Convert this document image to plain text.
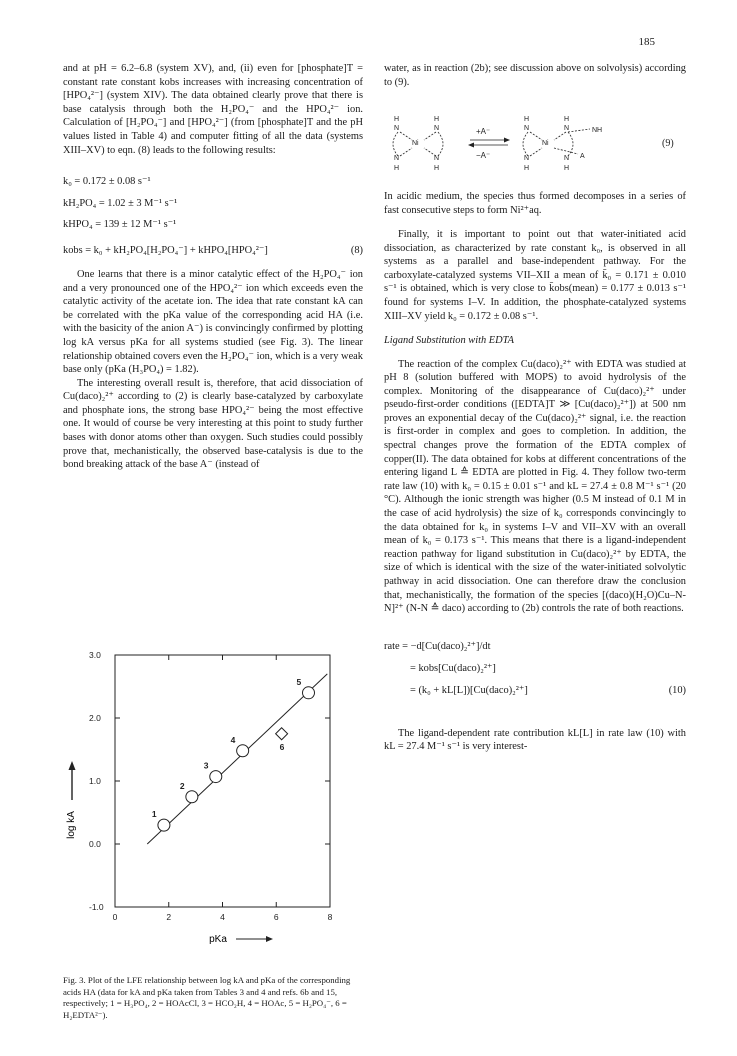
185

and at pH = 6.2–6.8 (system XV), and, (ii) even for [phosphate]T = constant rate constant kobs increases with increasing concentration of [HPO₄²⁻] (system XIV). The data obtained clearly prove that there is base catalysis through both the H₂PO₄⁻ and the HPO₄²⁻ ion. Calculation of [H₂PO₄⁻] and [HPO₄²⁻] (from [phosphate]T and the pH values listed in Table 4) and computer fitting of all the data (systems XIII–XV) to eqn. (8) leads to the following results:

k₀ = 0.172 ± 0.08 s⁻¹

kH₂PO₄ = 1.02 ± 3 M⁻¹ s⁻¹

kHPO₄ = 139 ± 12 M⁻¹ s⁻¹

kobs = k₀ + kH₂PO₄[H₂PO₄⁻] + kHPO₄[HPO₄²⁻]	(8)

One learns that there is a minor catalytic effect of the H₂PO₄⁻ ion and a very pronounced one of the HPO₄²⁻ ion which exceeds even the catalytic activity of the acetate ion. The idea that rate constant kA can be correlated with the pKa value of the corresponding acid HA (i.e. with the basicity of the anion A⁻) is convincingly confirmed by plotting log kA versus pKa for all systems studied (see Fig. 3). The linear relationship obtained covers even the H₂PO₄⁻ ion, which is a very weak base only (pKa (H₃PO₄) = 1.82).

The interesting overall result is, therefore, that acid dissociation of Cu(daco)₂²⁺ according to (2) is clearly base-catalyzed by carboxylate and phosphate ions, the strong base HPO₄²⁻ being the most effective one. It would of course be very interesting at this point to study further bases with donor atoms other than oxygen. Such studies could possibly prove that, mechanistically, the observed base-catalysis is due to the bond breaking attack of the base A⁻ (instead of

-1.0
0.0
1.0
2.0
3.0
0	2	4	6	8
1
2
3
4
5
6
log kA
pKa
Fig. 3. Plot of the LFE relationship between log kA and pKa of the corresponding acids HA (data for kA and pKa taken from Tables 3 and 4 and refs. 6b and 15, respectively; 1 = H₃PO₄, 2 = HOAcCl, 3 = HCO₂H, 4 = HOAc, 5 = H₂PO₄⁻, 6 = H₂EDTA²⁻).

water, as in reaction (2b); see discussion above on solvolysis) according to (9).

H	H
N	N
Ni
N	N
H	H
+A⁻
−A⁻
H	H
N	N
Ni
N	N
H	H
NH
A
(9)

In acidic medium, the species thus formed decomposes in a series of fast consecutive steps to form Ni²⁺aq.

Finally, it is important to point out that water-initiated acid dissociation, as characterized by rate constant k₀, is observed in all systems as a parallel and base-independent pathway. For the carboxylate-catalyzed systems VII–XII a mean of k̄₀ = 0.171 ± 0.010 s⁻¹ is obtained, which is very close to k̄obs(mean) = 0.177 ± 0.013 s⁻¹ found for systems I–V. In addition, the phosphate-catalyzed systems XIII–XV yield k₀ = 0.172 ± 0.08 s⁻¹.

Ligand Substitution with EDTA

The reaction of the complex Cu(daco)₂²⁺ with EDTA was studied at pH 8 (solution buffered with MOPS) to avoid hydrolysis of the complex. Monitoring of the disappearance of Cu(daco)₂²⁺ under pseudo-first-order conditions ([EDTA]T ≫ [Cu(daco)₂²⁺]) at 500 nm proves an exponential decay of the Cu(daco)₂²⁺ signal, i.e. the reaction is first-order in complex and goes to completion. In addition, the spectral changes prove the formation of the EDTA complex of copper(II). The data obtained for kobs at different concentrations of the entering ligand L ≙ EDTA are plotted in Fig. 4. They follow two-term rate law (10) with k₀ = 0.15 ± 0.01 s⁻¹ and kL = 27.4 ± 0.8 M⁻¹ s⁻¹ (20 °C). Although the ionic strength was higher (0.5 M instead of 0.1 M in the case of acid hydrolysis) the size of k₀ corresponds convincingly to the data obtained for k₀ in systems I–V and VII–XV with an overall mean of k₀ = 0.173 s⁻¹. This means that there is a ligand-independent reaction pathway for ligand substitution in Cu(daco)₂²⁺ by EDTA, the size of which is identical with the size of the water-initiated solvolytic pathway in acid dissociation. One can therefore draw the conclusion that, mechanistically, the formation of the species [(daco)(H₂O)Cu–N-N]²⁺ (N-N ≙ daco) according to (2b) controls the rate of both reactions.

rate = −d[Cu(daco)₂²⁺]/dt
= kobs[Cu(daco)₂²⁺]
= (k₀ + kL[L])[Cu(daco)₂²⁺]	(10)

The ligand-dependent rate contribution kL[L] in rate law (10) with kL = 27.4 M⁻¹ s⁻¹ is very interest-
